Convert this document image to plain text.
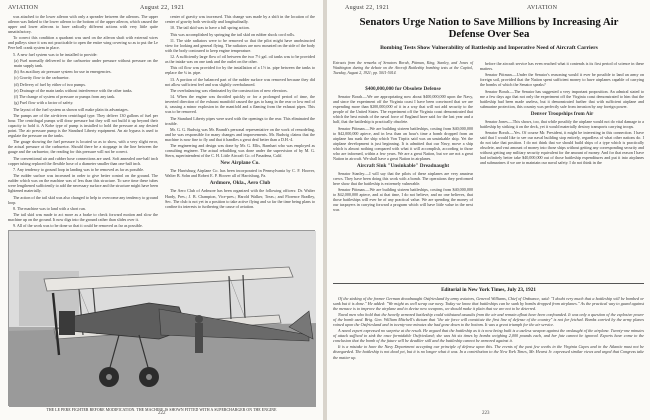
AVIATION	August 22, 1921

was attached to the lower aileron with only a spreader between the ailerons. The upper aileron was linked to the lower aileron to the bottom of the upper aileron, which caused the upper and lower ailerons to have radically different actions with very little quite unsatisfactory.

To correct this condition a quadrant was used on the aileron shaft with external wires and pulleys since it was not practicable to open the entire wing covering so as to put the Le Pere bell crank system in place.

5. A new fuel system was to be installed to provide:

(a) Fuel normally delivered to the carburetor under pressure without pressure on the main supply tank.

(b) An auxiliary air pressure system for use in emergencies.

(c) Gravity flow to the carburetor.

(d) Delivery of fuel by either of two pumps.

(e) Drainage of the main tanks without interference with the other tanks.

(f) The change of system of pressure or pumps from any tank.

(g) Fuel flow with a factor of safety.

The layout of the fuel system as shown will make plain its advantages.

The pumps are of the air-driven centrifugal type. They deliver 130 gallons of fuel per hour. The centrifugal pumps will draw pressure but they will not build it up beyond their capacity to hold it. A Kobe type of pump is installed to hold the pressure at any desired point. The air pressure pump is the Standard Liberty equipment. An air bypass is used to regulate the pressure on the tanks.

The gauge showing the fuel pressure is located so as to show, with a very slight error, the actual pressure at the carburetor. Should there be a stoppage in the line between the gauge and the carburetor, the reading for this pressure will not be correct.

The conventional air and rubber hose connections are used. Soft annealed one-half inch copper tubing replaced the flexible hose of a diameter smaller than one-half inch.

7. Any tendency to ground loop in landing was to be removed as far as possible.

The rudder surface was increased in order to give better control on the ground. The rudder which was on the machine was of less than this structure. To save time these tubes were lengthened sufficiently to add the necessary surface and the structure might have been lightened materially.

The action of the tail skid was also changed to help to overcome any tendency to ground loop.

8. The machine was to land with a short run.

The tail skid was made to act more as a brake to check forward motion and slow the machine up on the ground. It now digs into the ground rather than slides over it.

9. All of the work was to be done so that it could be removed as far as possible.

center of gravity was increased. This change was made by a shift in the location of the center of gravity both vertically and longitudinally.

10. The tail skid was to have a full spring action.

This was accomplished by springing the tail skid on rubber shock cord rolls.

11. The side radiators were to be removed so that the pilot might have unobstructed view for looking and general flying. The radiators are now mounted on the side of the body with the body contoured to keep engine temperature.

12. A sufficiently large flow of oil between the two 7½ gal. oil tanks was to be provided as the intake was on one tank and the outlet on the other.

This oil flow was provided for by the installation of a 1½ in. pipe between the tanks to replace the ¾ in. pipe.

13. A portion of the balanced part of the rudder surface was removed because they did not allow sufficient feel and was slightly overbalanced.

The overbalancing was eliminated by the construction of new elevators.

14. When the engine was throttled quickly or for a prolonged period of time, the inverted direction of the exhaust manifold caused the gas to hang in the rear or low end of it, causing a minor explosion in the manifold and a flaming from the exhaust pipes. This was to be removed.

The Standard Liberty pipes were used with the openings to the rear. This eliminated the trouble.

Mr. G. G. Budwig was Mr. Brandt's personal representative on the work of remodeling, and he was responsible for many changes and improvements. Mr. Budwig claims that the machine is now fine to fly and that it handles a great deal better than a D.H.-4.

The engineering and design was done by Mr. G. Ellis, Barnhart who was employed as consulting engineer. The actual rebuilding was done under the supervision of by M. G. Stern, superintendent of the C. H. Little Aircraft Co. of Pasadena, Calif.

New Airplane Co.

The Harrisburg Airplane Co. has been incorporated in Pennsylvania by C. F. Hoover, Walter B. Sohn and Robert E. P. Hoover all of Harrisburg, Pa.

Ardmore, Okla., Aero Club

The Aero Club of Ardmore has been organized with the following officers: Dr. Walter Hardy, Pres.; J. B. Champion, Vice-pres.; Harold Walker, Treas.; and Florence Bradley, Sec. The club is not yet in a position to take active flying and so far the time being plans to confine its interests to furthering the cause of aviation.

THE LE PERE FIGHTER BEFORE MODIFICATION. THE MACHINE IS SHOWN FITTED WITH A SUPERCHARGER ON THE ENGINE
222
AVIATION
August 22, 1921
223
Senators Urge Nation to Save Millions by Increasing Air Defense Over Sea
Bombing Tests Show Vulnerability of Battleship and Imperative Need of Aircraft Carriers
Extracts from the remarks of Senators Borah, Pittman, King, Stanley, and Jones of Washington during the debate on the Aircraft Battleship bombing tests at the Capitol, Tuesday, August 2, 1921; pp. 5011-5014.
$400,000,000 for Obsolete Defense

Senator Borah.—We are appropriating now about $400,000,000 upon the Navy, and since the experiment off the Virginia coast I have been convinced that we are expending more than $200,000,000 of it in a way that will not add security to the people of the United States. The experiment off the Virginia coast demonstrated that which the best minds of the naval force of England have said for the last year and a half, that the battleship is practically obsolete.

Senator Pittman.—We are building sixteen battleships, costing from $40,000,000 to $42,000,000 apiece, and in less than an hour's time a bomb dropped from an airplane has sunk the ship which Von Tirpitz said was an unsinkable ship. Yet the airplane development is just beginning. It is admitted that our Navy, move a ship which is almost nothing compared with what it will accomplish, according to those who are informed, within a few years. We are a great Nation, but we are not a great Nation in aircraft. We shall have a great Nation in airplanes.

Aircraft Sink "Unsinkable" Dreadnaught

Senator Stanley.—I will say that the pilots of these airplanes are very amateur crews. They have been doing this work with a bomb. The operations they performed here show that the battleship is extremely vulnerable.

Senator Pittman.—We are building sixteen battleships, costing from $40,000,000 to $42,000,000 apiece, and at that time, I do not believe, and no one believes, that those battleships will ever be of any practical value. We are spending the money of our taxpayers in carrying forward a program which will have little value in the next war.

before the aircraft service has even reached what it contends is its first period of science in these matters.

Senator Pittman.—Under the Senator's reasoning would it ever be possible to land an army on foreign soil, provided that the Nation spent sufficient money to have airplanes capable of carrying the bombs of which the Senator speaks?

Senator Borah.—The Senator has suggested a very important proposition. An admiral stated to me a few days ago that not only the experiment off the Virginia coast demonstrated to him that the battleship had been made useless, but it demonstrated further that with sufficient airplane and submarine protection, this country was perfectly safe from invasion by any foreign power.

Denver Troopships from Air

Senator Jones.—This shows, too, that while possibly the airplane would not do vital damage to a battleship by striking it on the deck, yet it would materially destroy transports carrying troops.

Senator Borah.—Yes. Of course Mr. President, it might be interesting in this connection. I have said that I would like to see our naval building stop entirely, regardless of what other nations do. I do not take that position. I do not think that we should build ships of a type which is practically obsolete, and vast amount of money into those ships without getting any corresponding security and without getting any military security equivalent for the amount of money. And for that reason I have had infinitely better take $40,000,000 out of those battleship expenditures and put it into airplanes and submarines if we are to maintain our naval safety. I do not think in the

Editorial in New York Times, July 23, 1921

Of the sinking of the former German dreadnaught Ostfriesland by army aviators, General Williams, Chief of Ordnance, said: "I doubt very much that a battleship will be bombed or sunk but it is done." He added: "We might as well scrap our navy. Today we know that battleships can be sunk by bombs dropped from airplanes." As the practical way to guard against the menace is to improve the airplane and to devise new weapons, we should make it plain that we are not to be deterred.

Naval men who hold that the heavily armored battleship could withstand assaults from the air and remain afloat have been confounded. It was only a question of the explosive power of the bomb used. Brig. Gen. William Mitchell's dictum that "the air force will constitute the first line of defense of the country" is not far fetched. Bombs carried by the army planes rained upon the Ostfriesland and in twenty-one minutes she had gone down to the bottom. It was a great triumph for the air service.

A naval expert expressed no surprise at the result. He argued that the battleship as it is now being built is a useless weapon against the onslaught of the airplane. Twenty-one minutes of attack sufficed to sink the once formidable Ostfriesland; she was hit six times by bombs weighing 2,000 pounds each, and her fate cannot be ignored. Experts have come to the conclusion that the bomb of the future will be deadlier still and the battleship cannot be armored against it.

It is a mistake to have the Navy Department accepting our principle of defense upon this. The events of the past few weeks in the Virginia Capes and in the Atlantic must not be disregarded. The battleship is not dead yet, but it is no longer what it was. In a contribution to the New York Times, Mr. Hearst Jr. expressed similar views and urged that Congress take the matter up.
